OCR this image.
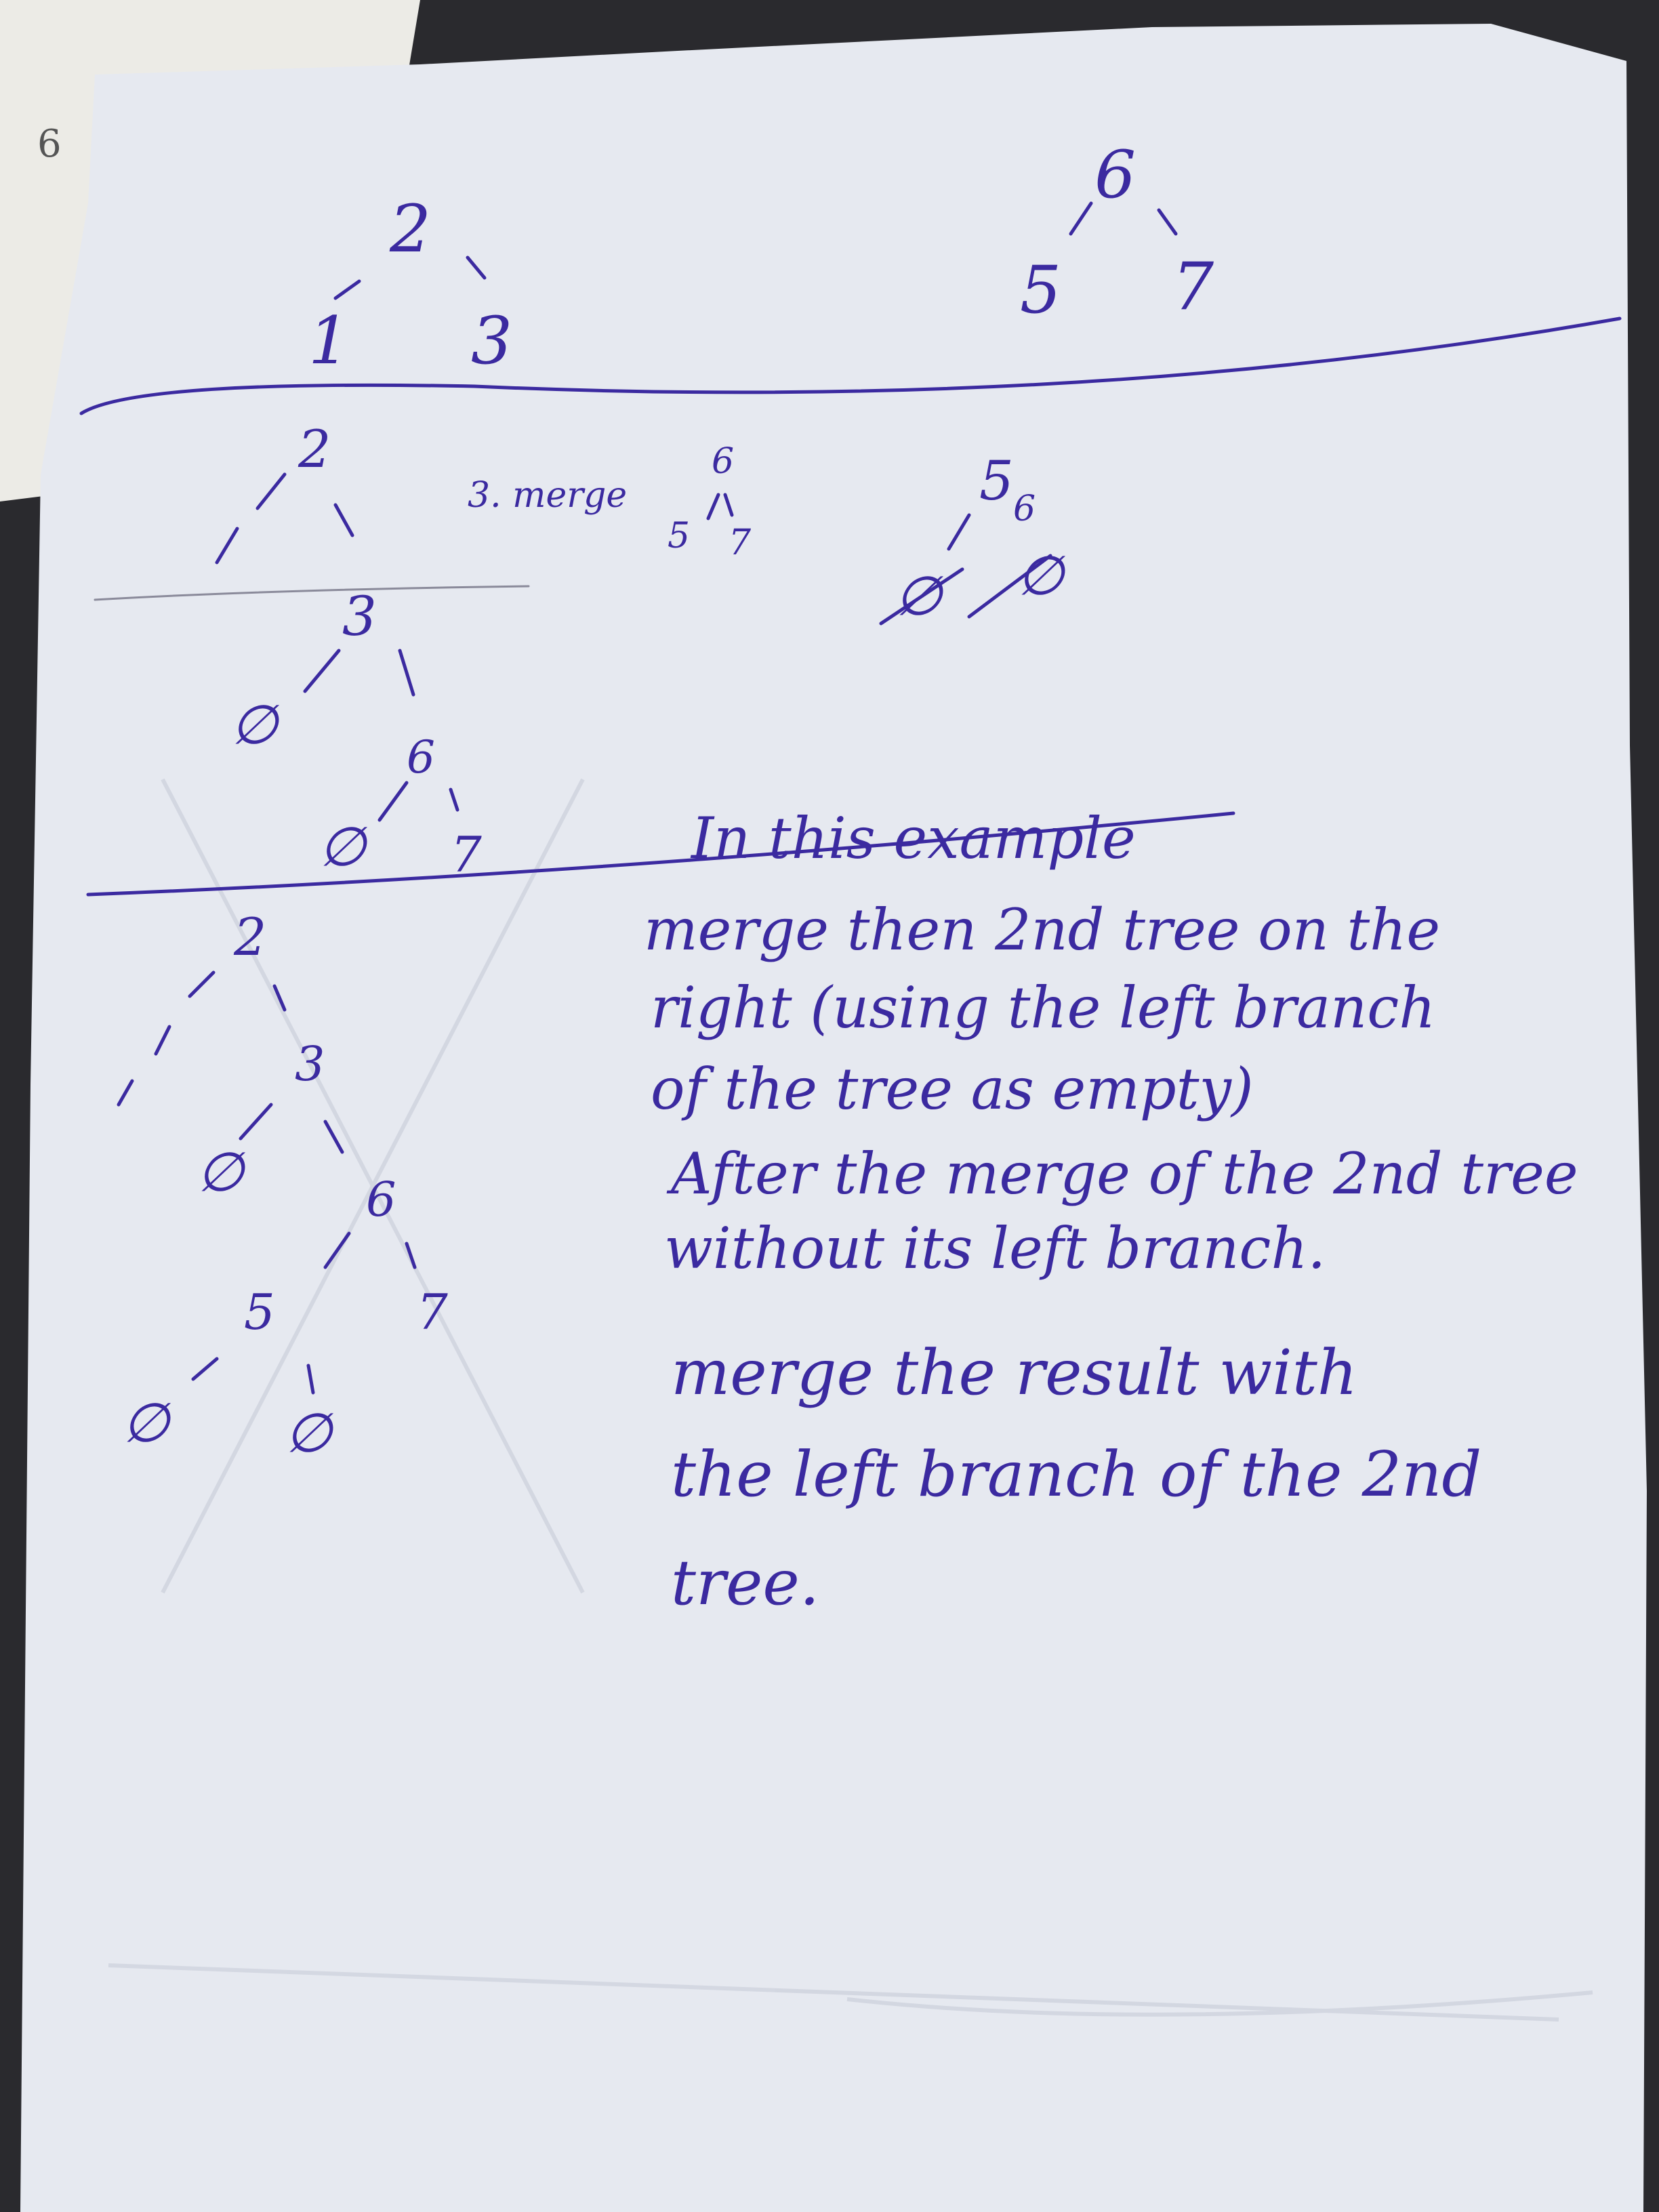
6

2

1 3

6

5 7

2

3. merge

6

5 7

5 6

∅ ∅

3

∅

6

∅ 7	In this example

2

3

∅	6

5	7

∅ ∅

merge then 2nd tree on the

right (using the left branch

of the tree as empty)

After the merge of the 2nd tree

without its left branch.

merge the result with

the left branch of the 2nd

tree.
